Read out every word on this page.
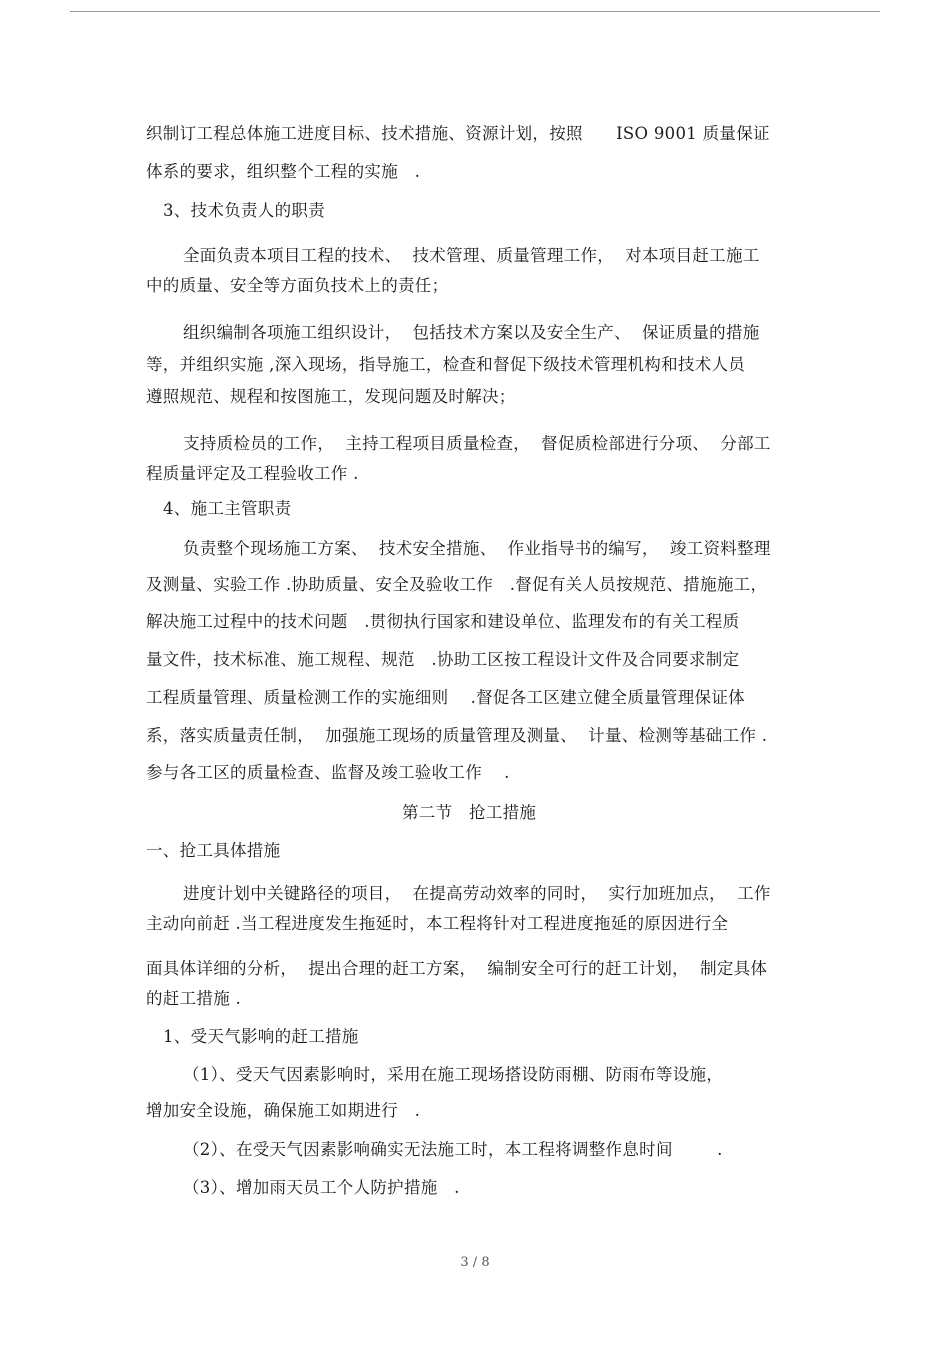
织制订工程总体施工进度目标、技术措施、资源计划，按照      ISO 9001 质量保证
体系的要求，组织整个工程的实施   .
3、技术负责人的职责
全面负责本项目工程的技术、  技术管理、质量管理工作，  对本项目赶工施工
中的质量、安全等方面负技术上的责任；
组织编制各项施工组织设计，  包括技术方案以及安全生产、  保证质量的措施
等，并组织实施 ,深入现场，指导施工，检查和督促下级技术管理机构和技术人员
遵照规范、规程和按图施工，发现问题及时解决；
支持质检员的工作，  主持工程项目质量检查，  督促质检部进行分项、  分部工
程质量评定及工程验收工作 .
4、施工主管职责
负责整个现场施工方案、  技术安全措施、  作业指导书的编写，  竣工资料整理
及测量、实验工作 .协助质量、安全及验收工作   .督促有关人员按规范、措施施工，
解决施工过程中的技术问题   .贯彻执行国家和建设单位、监理发布的有关工程质
量文件，技术标准、施工规程、规范   .协助工区按工程设计文件及合同要求制定
工程质量管理、质量检测工作的实施细则    .督促各工区建立健全质量管理保证体
系，落实质量责任制，  加强施工现场的质量管理及测量、  计量、检测等基础工作 .
参与各工区的质量检查、监督及竣工验收工作    .
第二节   抢工措施
一、抢工具体措施
进度计划中关键路径的项目，  在提高劳动效率的同时，  实行加班加点，  工作
主动向前赶 .当工程进度发生拖延时，本工程将针对工程进度拖延的原因进行全
面具体详细的分析，  提出合理的赶工方案，  编制安全可行的赶工计划，  制定具体
的赶工措施 .
1、受天气影响的赶工措施
（1）、受天气因素影响时，采用在施工现场搭设防雨棚、防雨布等设施，
增加安全设施，确保施工如期进行   .
（2）、在受天气因素影响确实无法施工时，本工程将调整作息时间        .
（3）、增加雨天员工个人防护措施   .
3 / 8
